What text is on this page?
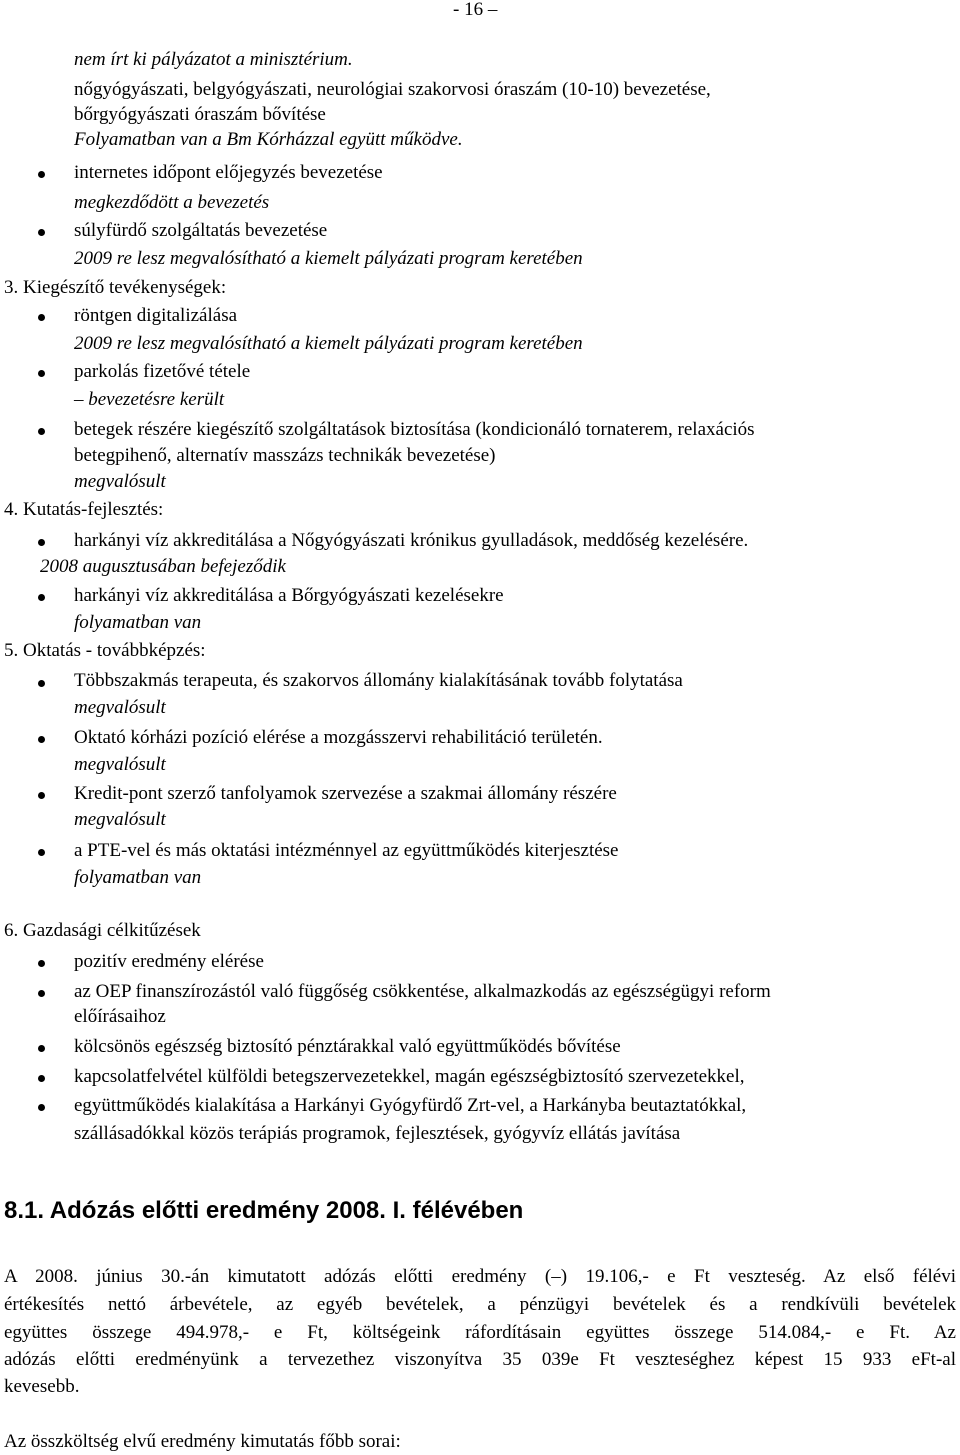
- 16 –
nem írt ki pályázatot a minisztérium.
nőgyógyászati, belgyógyászati, neurológiai szakorvosi óraszám (10-10) bevezetése,
bőrgyógyászati óraszám bővítése
Folyamatban van a Bm Kórházzal együtt működve.
internetes időpont előjegyzés bevezetése
megkezdődött a bevezetés
súlyfürdő szolgáltatás bevezetése
2009 re lesz megvalósítható a kiemelt pályázati program keretében
3. Kiegészítő tevékenységek:
röntgen digitalizálása
2009 re lesz megvalósítható a kiemelt pályázati program keretében
parkolás fizetővé tétele
– bevezetésre került
betegek részére kiegészítő szolgáltatások biztosítása (kondicionáló tornaterem, relaxációs
betegpihenő, alternatív masszázs technikák bevezetése)
megvalósult
4. Kutatás-fejlesztés:
harkányi víz akkreditálása a Nőgyógyászati krónikus gyulladások, meddőség kezelésére.
2008 augusztusában befejeződik
harkányi víz akkreditálása a Bőrgyógyászati kezelésekre
folyamatban van
5. Oktatás - továbbképzés:
Többszakmás terapeuta, és szakorvos állomány kialakításának tovább folytatása
megvalósult
Oktató kórházi pozíció elérése a mozgásszervi rehabilitáció területén.
megvalósult
Kredit-pont szerző tanfolyamok szervezése a szakmai állomány részére
megvalósult
a PTE-vel és más oktatási intézménnyel az együttműködés kiterjesztése
folyamatban van
6. Gazdasági célkitűzések
pozitív eredmény elérése
az OEP finanszírozástól való függőség csökkentése, alkalmazkodás az egészségügyi reform
előírásaihoz
kölcsönös egészség biztosító pénztárakkal való együttműködés bővítése
kapcsolatfelvétel külföldi betegszervezetekkel, magán egészségbiztosító szervezetekkel,
együttműködés kialakítása a Harkányi Gyógyfürdő Zrt-vel, a Harkányba beutaztatókkal,
szállásadókkal közös terápiás programok, fejlesztések, gyógyvíz ellátás javítása
8.1. Adózás előtti eredmény 2008. I. félévében
A 2008. június 30.-án kimutatott adózás előtti eredmény (–) 19.106,- e Ft veszteség. Az első félévi
értékesítés nettó árbevétele, az egyéb bevételek, a pénzügyi bevételek és a rendkívüli bevételek
együttes összege 494.978,- e Ft, költségeink ráfordításain együttes összege 514.084,- e Ft. Az
adózás előtti eredményünk a tervezethez viszonyítva 35 039e Ft veszteséghez képest 15 933 eFt-al
kevesebb.
Az összköltség elvű eredmény kimutatás főbb sorai:
